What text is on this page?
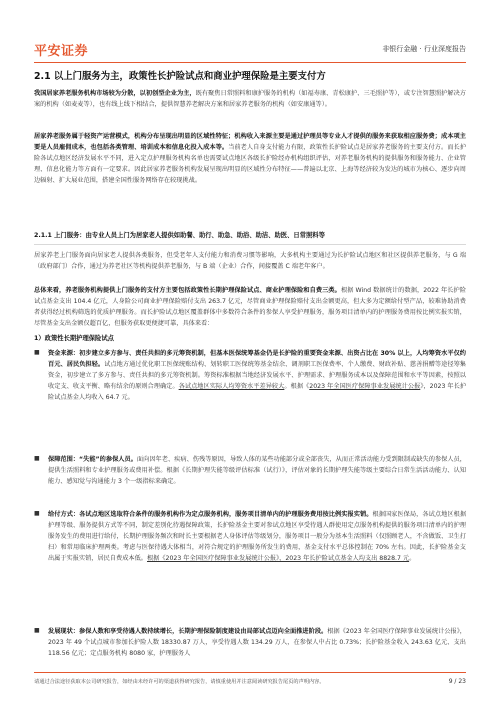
平安证券	非银行金融 · 行业深度报告
2.1 以上门服务为主，政策性长护险试点和商业护理保险是主要支付方

我国居家养老服务机构市场较为分散，以初创型企业为主，既有聚焦日常照料和康护服务的机构（如福寿康、青松康护、三毛照护等），或专注智慧照护解决方案的机构（如麦麦等），也有线上线下相结合，提供智慧养老解决方案和居家养老服务的机构（如安康通等）。

居家养老服务属于轻资产运营模式，机构分布呈现出明显的区域性特征；机构收入来源主要是通过护理员等专业人才提供的服务来获取相应服务费；成本项主要是人员雇佣成本，也包括各类管理、培训成本和信息化投入成本等。当前老人自身支付能力有限，政策性长护险试点是居家养老服务的主要支付方。而长护险各试点地区经济发展水平不同，进入定点护理服务机构名单也需要试点地区各级长护险经办机构组织评估，对养老服务机构的提供服务和服务能力、企业管理、信息化能力等方面有一定要求。因此居家养老服务机构发展呈现出明显的区域性分布特征——普遍以北京、上海等经济较为发达的城市为核心、逐步向周边辐射、扩大展业范围，搭建全国性服务网络存在较现挑战。

2.1.1 上门服务：由专业人员上门为居家老人提供如助餐、助行、助急、助浴、助洁、助医、日常照料等

居家养老上门服务面向居家老人提供各类服务，但受老年人支付能力和消费习惯等影响，大多机构主要通过为长护险试点地区和社区提供养老服务，与 G 端（政府部门）合作，通过为养老社区等机构提供养老服务，与 B 端（企业）合作，间接覆盖 C 端老年客户。

总体来看，养老服务机构提供上门服务的支付方主要包括政策性长期护理保险试点、商业护理保险和自费三类。根据 Wind 数据统计的数据，2022 年长护险试点基金支出 104.4 亿元，人身险公司商业护理保险赔付支出 263.7 亿元，尽管商业护理保险赔付支出金额更高，但大多为定额给付型产品，较难协助消费者获得经过机构筛选的优质护理服务。而长护险试点地区覆盖群体中多数符合条件的参保人享受护理服务，服务项目清单内的护理服务费用按比例实报实销，尽管基金支出金额仅超百亿，但服务获取更便捷可靠，具体来看：

1）政策性长期护理保险试点
■	资金来源：初步建立多方参与、责任共担的多元筹资机制，但基本医保统筹基金仍是长护险的重要资金来源、出资占比在 30% 以上，人均筹资水平仅约百元、居民负担轻。试点地方通过优化职工医保统账结构、划转职工医保统筹基金结余、调剂职工医保费率、个人缴费、财政补贴、慈善捐赠等途径筹集资金，初步建立了多方参与、责任共担的多元筹资机制。筹资标准根据当地经济发展水平、护理需求、护理服务成本以及保障范围和水平等因素，按照以收定支、收支平衡、略有结余的原则合理确定。各试点地区实际人均筹资水平差异较大。根据《2023 年全国医疗保障事业发展统计公报》，2023 年长护险试点基金人均收入 64.7 元。
■	保障范围：“失能”的参保人员。面向因年老、疾病、伤残等原因，导致人体的某些功能部分或全部丧失，从而正常活动能力受到限制或缺失的参保人员，提供生活照料和专业护理服务或费用补偿。根据《长期护理失能等级评估标准（试行）》，评估对象的长期护理失能等级主要综合日常生活活动能力、认知能力、感知觉与沟通能力 3 个一级指标来确定。
■	给付方式：各试点地区选取符合条件的服务机构作为定点服务机构，服务项目清单内的护理服务费用按比例实报实销。根据国家医保局，各试点地区根据护理等级、服务提供方式等不同，制定差别化待遇保障政策，长护险基金主要对参试点地区享受待遇人群使用定点服务机构提供的服务项目清单内的护理服务发生的费用进行给付，长期护理服务频次和时长主要根据老人身体评估等级划分，服务项目一般分为基本生活照料（仅照顾老人，不含做饭、卫生打扫）和常用临床护理两类。考虑与医保待遇大体相当，对符合规定的护理服务所发生的费用，基金支付水平总体控制在 70% 左右。因此，长护险基金支出属于实报实销，居民自费成本低。根据《2023 年全国医疗保障事业发展统计公报》，2023 年长护险试点基金人均支出 8828.7 元。
■	发展现状：参保人数和享受待遇人数持续增长，长期护理保险制度建设由局部试点迈向全面推进阶段。根据《2023 年全国医疗保障事业发展统计公报》，2023 年 49 个试点城市参加长护险人数 18330.87 万人，享受待遇人数 134.29 万人，在参保人中占比 0.73%；长护险基金收入 243.63 亿元、支出 118.56 亿元；定点服务机构 8080 家，护理服务人
请通过合法途径获取本公司研究报告，如经由未经许可的渠道获得研究报告，请慎重使用并注意阅读研究报告尾页的声明内容。	9 / 23
